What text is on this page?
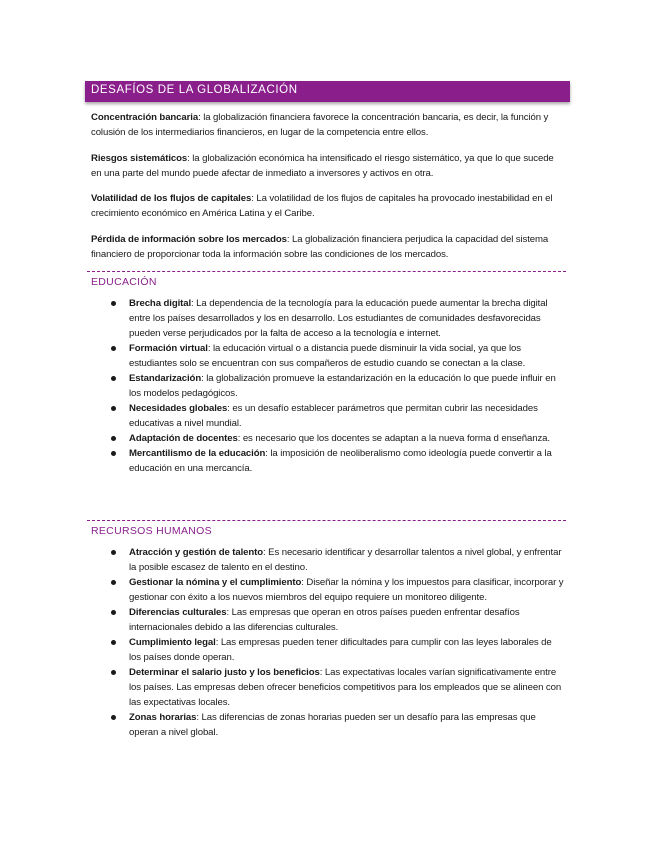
DESAFÍOS DE LA GLOBALIZACIÓN
Concentración bancaria: la globalización financiera favorece la concentración bancaria, es decir, la función y colusión de los intermediarios financieros, en lugar de la competencia entre ellos.
Riesgos sistemáticos: la globalización económica ha intensificado el riesgo sistemático, ya que lo que sucede en una parte del mundo puede afectar de inmediato a inversores y activos en otra.
Volatilidad de los flujos de capitales: La volatilidad de los flujos de capitales ha provocado inestabilidad en el crecimiento económico en América Latina y el Caribe.
Pérdida de información sobre los mercados: La globalización financiera perjudica la capacidad del sistema financiero de proporcionar toda la información sobre las condiciones de los mercados.
EDUCACIÓN
Brecha digital: La dependencia de la tecnología para la educación puede aumentar la brecha digital entre los países desarrollados y los en desarrollo. Los estudiantes de comunidades desfavorecidas pueden verse perjudicados por la falta de acceso a la tecnología e internet.
Formación virtual: la educación virtual o a distancia puede disminuir la vida social, ya que los estudiantes solo se encuentran con sus compañeros de estudio cuando se conectan a la clase.
Estandarización: la globalización promueve la estandarización en la educación lo que puede influir en los modelos pedagógicos.
Necesidades globales: es un desafío establecer parámetros que permitan cubrir las necesidades educativas a nivel mundial.
Adaptación de docentes: es necesario que los docentes se adaptan a la nueva forma d enseñanza.
Mercantilismo de la educación: la imposición de neoliberalismo como ideología puede convertir a la educación en una mercancía.
RECURSOS HUMANOS
Atracción y gestión de talento: Es necesario identificar y desarrollar talentos a nivel global, y enfrentar la posible escasez de talento en el destino.
Gestionar la nómina y el cumplimiento: Diseñar la nómina y los impuestos para clasificar, incorporar y gestionar con éxito a los nuevos miembros del equipo requiere un monitoreo diligente.
Diferencias culturales: Las empresas que operan en otros países pueden enfrentar desafíos internacionales debido a las diferencias culturales.
Cumplimiento legal: Las empresas pueden tener dificultades para cumplir con las leyes laborales de los países donde operan.
Determinar el salario justo y los beneficios: Las expectativas locales varían significativamente entre los países. Las empresas deben ofrecer beneficios competitivos para los empleados que se alineen con las expectativas locales.
Zonas horarias: Las diferencias de zonas horarias pueden ser un desafío para las empresas que operan a nivel global.
